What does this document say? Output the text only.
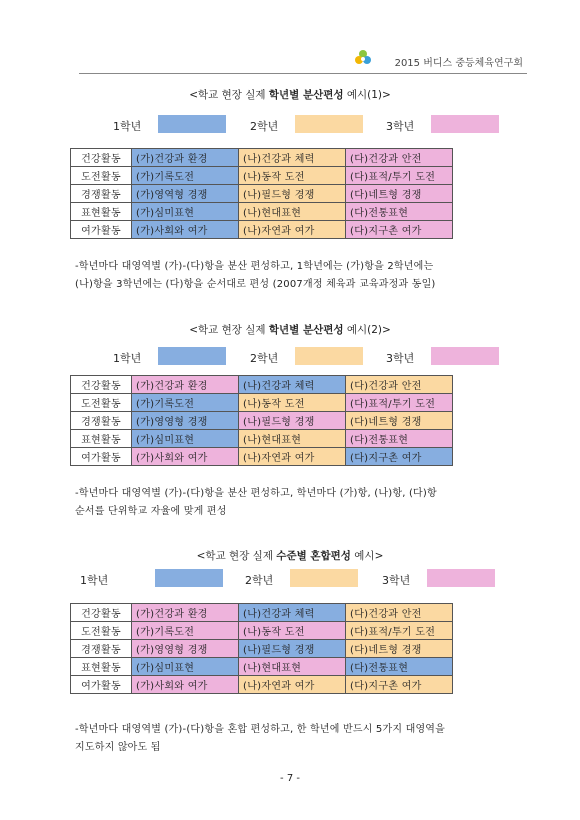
2015 버디스 중등체육연구회
<학교 현장 실제 학년별 분산편성 예시(1)>
1학년	2학년	3학년
건강활동	(가)건강과 환경	(나)건강과 체력	(다)건강과 안전
도전활동	(가)기록도전	(나)동작 도전	(다)표적/투기 도전
경쟁활동	(가)영역형 경쟁	(나)필드형 경쟁	(다)네트형 경쟁
표현활동	(가)심미표현	(나)현대표현	(다)전통표현
여가활동	(가)사회와 여가	(나)자연과 여가	(다)지구촌 여가
-학년마다 대영역별 (가)-(다)항을 분산 편성하고, 1학년에는 (가)항을 2학년에는
(나)항을 3학년에는 (다)항을 순서대로 편성 (2007개정 체육과 교육과정과 동일)
<학교 현장 실제 학년별 분산편성 예시(2)>
1학년	2학년	3학년
건강활동	(가)건강과 환경	(나)건강과 체력	(다)건강과 안전
도전활동	(가)기록도전	(나)동작 도전	(다)표적/투기 도전
경쟁활동	(가)영영형 경쟁	(나)필드형 경쟁	(다)네트형 경쟁
표현활동	(가)심미표현	(나)현대표현	(다)전통표현
여가활동	(가)사회와 여가	(나)자연과 여가	(다)지구촌 여가
-학년마다 대영역별 (가)-(다)항을 분산 편성하고, 학년마다 (가)항, (나)항, (다)항
순서를 단위학교 자율에 맞게 편성
<학교 현장 실제 수준별 혼합편성 예시>
1학년	2학년	3학년
건강활동	(가)건강과 환경	(나)건강과 체력	(다)건강과 안전
도전활동	(가)기록도전	(나)동작 도전	(다)표적/투기 도전
경쟁활동	(가)영영형 경쟁	(나)필드형 경쟁	(다)네트형 경쟁
표현활동	(가)심미표현	(나)현대표현	(다)전통표현
여가활동	(가)사회와 여가	(나)자연과 여가	(다)지구촌 여가
-학년마다 대영역별 (가)-(다)항을 혼합 편성하고, 한 학년에 반드시 5가지 대영역을
지도하지 않아도 됨
- 7 -
